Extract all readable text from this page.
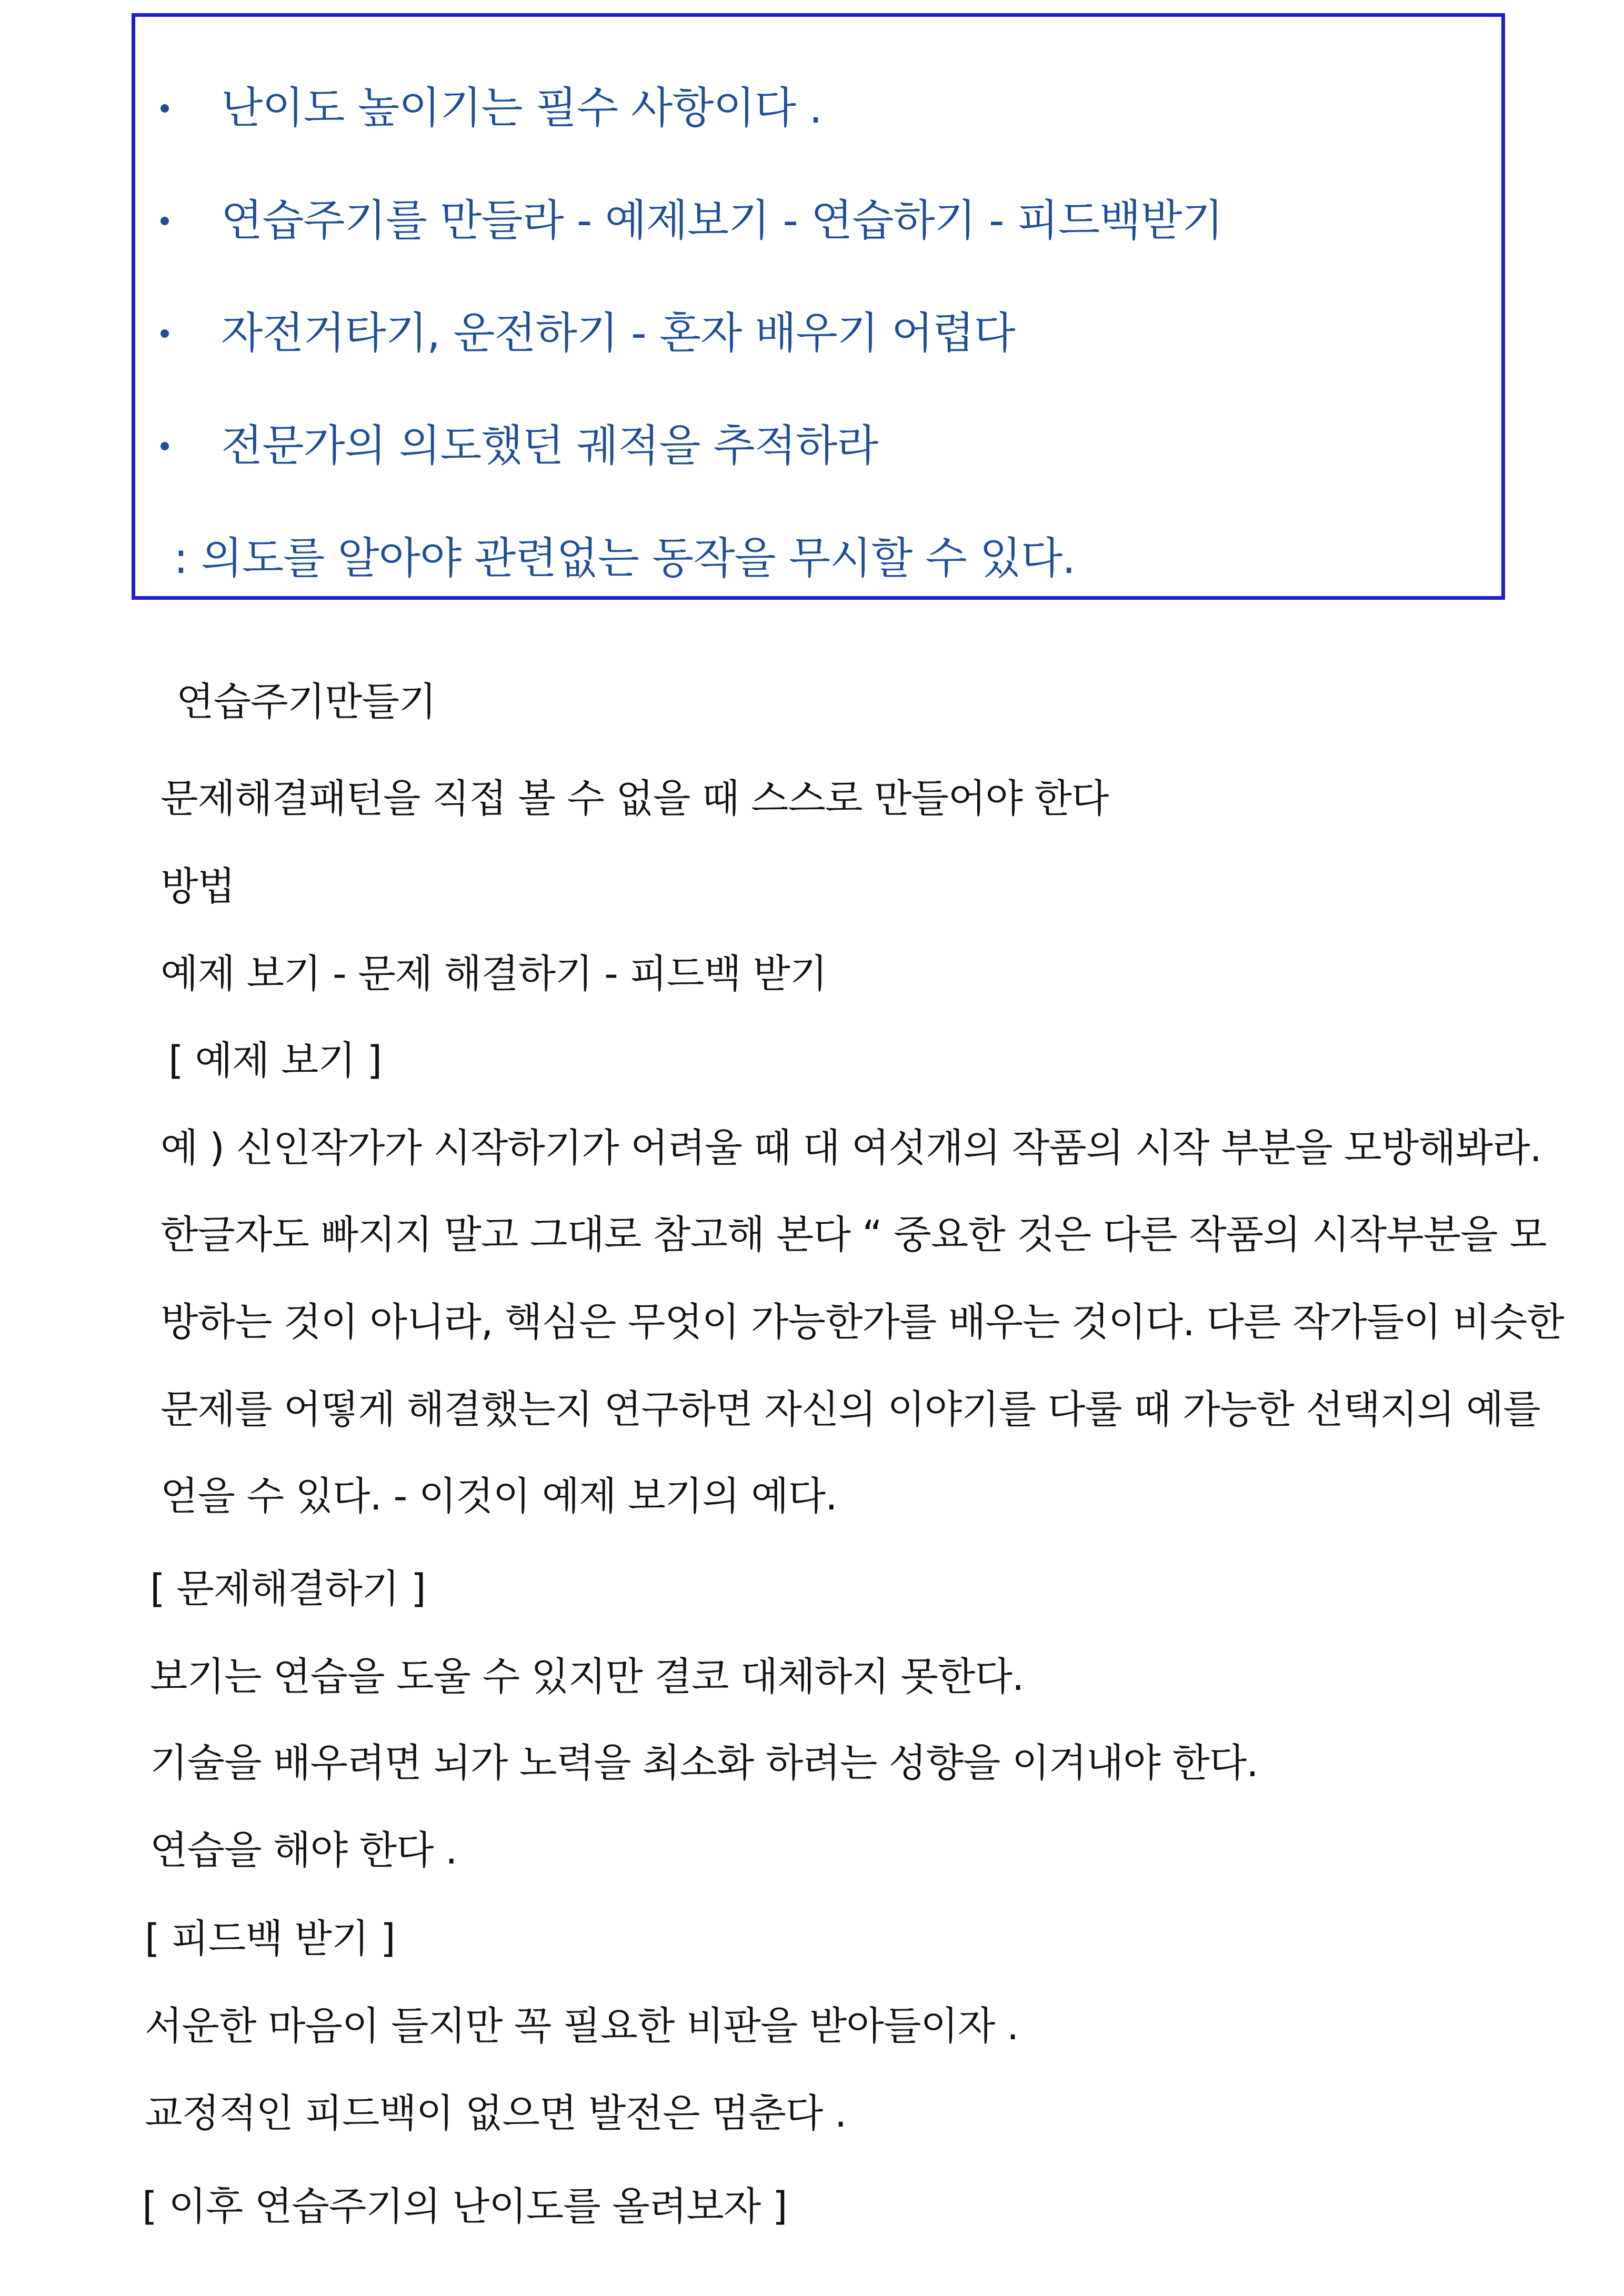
난이도 높이기는 필수 사항이다 .
연습주기를 만들라 - 예제보기 - 연습하기 - 피드백받기
자전거타기, 운전하기 - 혼자 배우기 어렵다
전문가의 의도했던 궤적을 추적하라
: 의도를 알아야 관련없는 동작을 무시할 수 있다.
연습주기만들기
문제해결패턴을 직접 볼 수 없을 때 스스로 만들어야 한다
방법
예제 보기 - 문제 해결하기 - 피드백 받기
[ 예제 보기 ]
예 ) 신인작가가 시작하기가 어려울 때 대 여섯개의 작품의 시작 부분을 모방해봐라.
한글자도 빠지지 말고 그대로 참고해 본다 “ 중요한 것은 다른 작품의 시작부분을 모
방하는 것이 아니라, 핵심은 무엇이 가능한가를 배우는 것이다. 다른 작가들이 비슷한
문제를 어떻게 해결했는지 연구하면 자신의 이야기를 다룰 때 가능한 선택지의 예를
얻을 수 있다. - 이것이 예제 보기의 예다.
[ 문제해결하기 ]
보기는 연습을 도울 수 있지만 결코 대체하지 못한다.
기술을 배우려면 뇌가 노력을 최소화 하려는 성향을 이겨내야 한다.
연습을 해야 한다 .
[ 피드백 받기 ]
서운한 마음이 들지만 꼭 필요한 비판을 받아들이자 .
교정적인 피드백이 없으면 발전은 멈춘다 .
[ 이후 연습주기의 난이도를 올려보자 ]
